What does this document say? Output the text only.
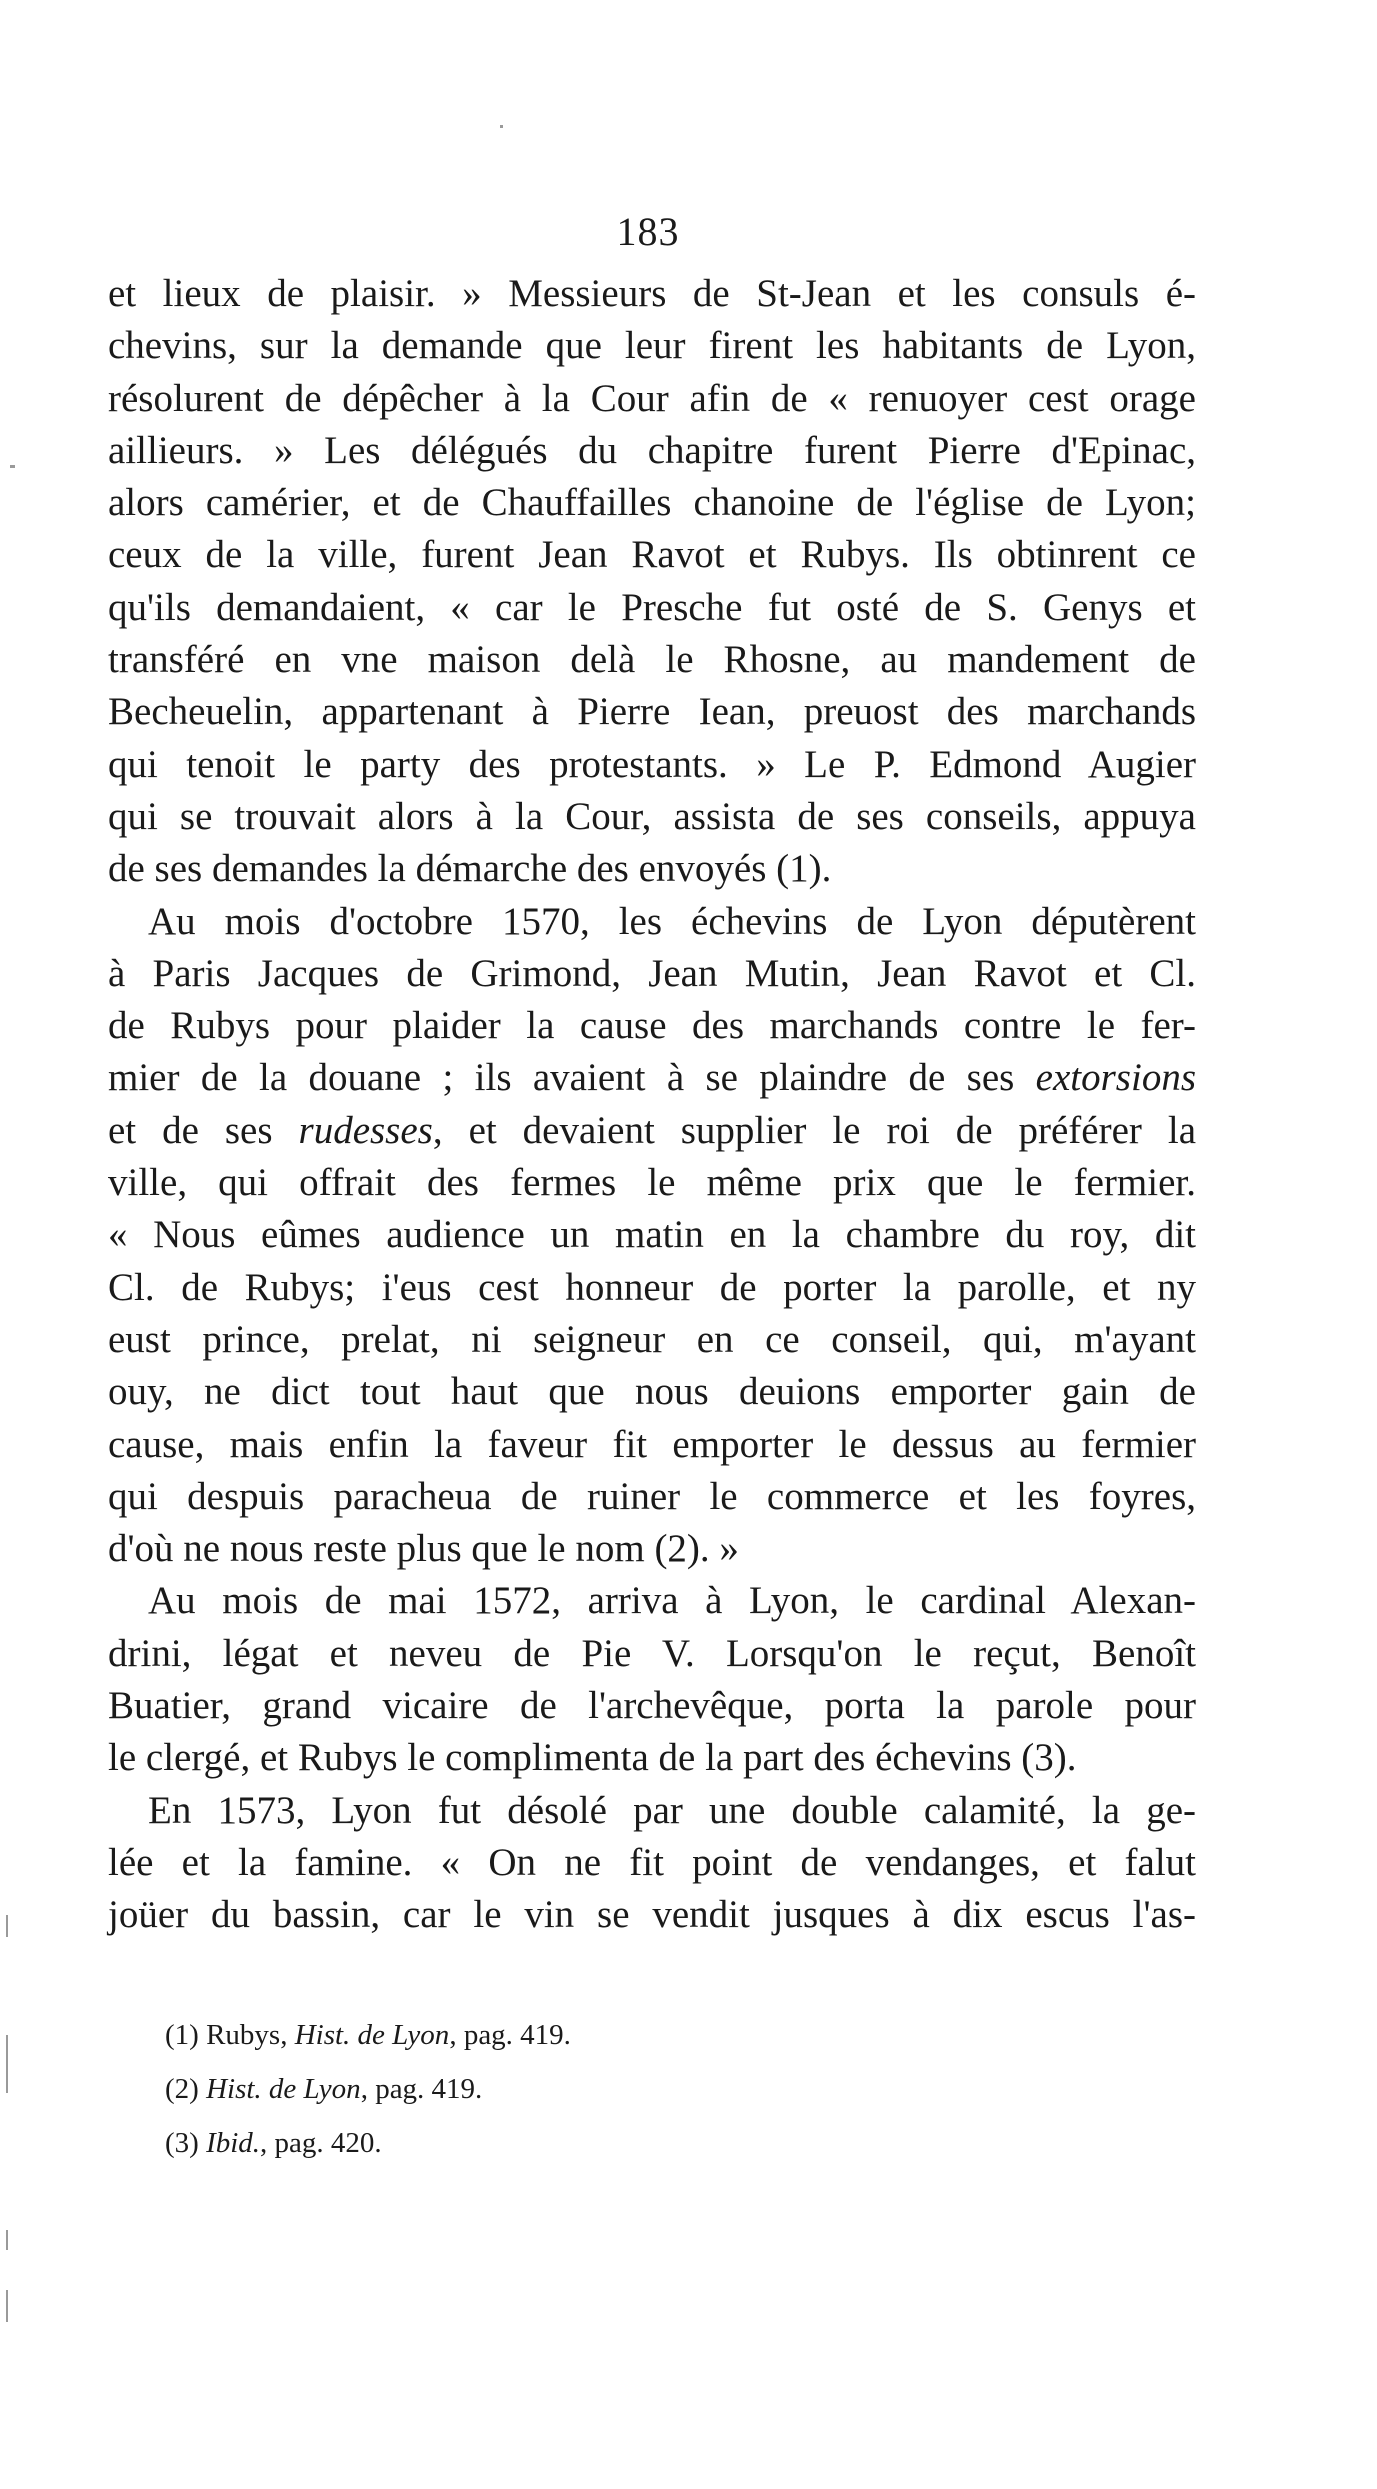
183
et lieux de plaisir. » Messieurs de St-Jean et les consuls é-
chevins, sur la demande que leur firent les habitants de Lyon,
résolurent de dépêcher à la Cour afin de « renuoyer cest orage
aillieurs. » Les délégués du chapitre furent Pierre d'Epinac,
alors camérier, et de Chauffailles chanoine de l'église de Lyon;
ceux de la ville, furent Jean Ravot et Rubys. Ils obtinrent ce
qu'ils demandaient, « car le Presche fut osté de S. Genys et
transféré en vne maison delà le Rhosne, au mandement de
Becheuelin, appartenant à Pierre Iean, preuost des marchands
qui tenoit le party des protestants. » Le P. Edmond Augier
qui se trouvait alors à la Cour, assista de ses conseils, appuya
de ses demandes la démarche des envoyés (1).
Au mois d'octobre 1570, les échevins de Lyon députèrent
à Paris Jacques de Grimond, Jean Mutin, Jean Ravot et Cl.
de Rubys pour plaider la cause des marchands contre le fer-
mier de la douane ; ils avaient à se plaindre de ses extorsions
et de ses rudesses, et devaient supplier le roi de préférer la
ville, qui offrait des fermes le même prix que le fermier.
« Nous eûmes audience un matin en la chambre du roy, dit
Cl. de Rubys; i'eus cest honneur de porter la parolle, et ny
eust prince, prelat, ni seigneur en ce conseil, qui, m'ayant
ouy, ne dict tout haut que nous deuions emporter gain de
cause, mais enfin la faveur fit emporter le dessus au fermier
qui despuis paracheua de ruiner le commerce et les foyres,
d'où ne nous reste plus que le nom (2). »
Au mois de mai 1572, arriva à Lyon, le cardinal Alexan-
drini, légat et neveu de Pie V. Lorsqu'on le reçut, Benoît
Buatier, grand vicaire de l'archevêque, porta la parole pour
le clergé, et Rubys le complimenta de la part des échevins (3).
En 1573, Lyon fut désolé par une double calamité, la ge-
lée et la famine. « On ne fit point de vendanges, et falut
joüer du bassin, car le vin se vendit jusques à dix escus l'as-
(1) Rubys, Hist. de Lyon, pag. 419.
(2) Hist. de Lyon, pag. 419.
(3) Ibid., pag. 420.
